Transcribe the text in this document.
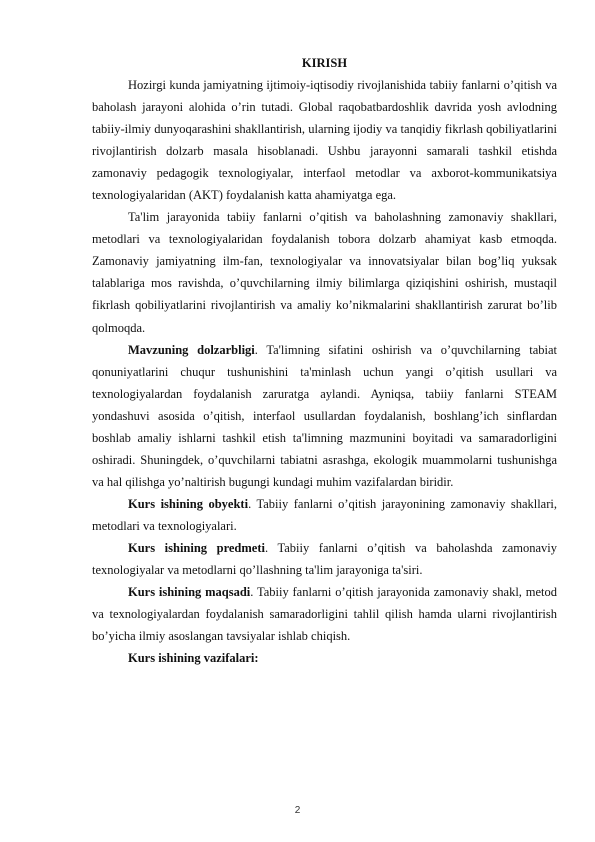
KIRISH

Hozirgi kunda jamiyatning ijtimoiy-iqtisodiy rivojlanishida tabiiy fanlarni o’qitish va baholash jarayoni alohida o’rin tutadi. Global raqobatbardoshlik davrida yosh avlodning tabiiy-ilmiy dunyoqarashini shakllantirish, ularning ijodiy va tanqidiy fikrlash qobiliyatlarini rivojlantirish dolzarb masala hisoblanadi. Ushbu jarayonni samarali tashkil etishda zamonaviy pedagogik texnologiyalar, interfaol metodlar va axborot-kommunikatsiya texnologiyalaridan (AKT) foydalanish katta ahamiyatga ega.

Ta'lim jarayonida tabiiy fanlarni o’qitish va baholashning zamonaviy shakllari, metodlari va texnologiyalaridan foydalanish tobora dolzarb ahamiyat kasb etmoqda. Zamonaviy jamiyatning ilm-fan, texnologiyalar va innovatsiyalar bilan bog’liq yuksak talablariga mos ravishda, o’quvchilarning ilmiy bilimlarga qiziqishini oshirish, mustaqil fikrlash qobiliyatlarini rivojlantirish va amaliy ko’nikmalarini shakllantirish zarurat bo’lib qolmoqda.

Mavzuning dolzarbligi. Ta'limning sifatini oshirish va o’quvchilarning tabiat qonuniyatlarini chuqur tushunishini ta'minlash uchun yangi o’qitish usullari va texnologiyalardan foydalanish zaruratga aylandi. Ayniqsa, tabiiy fanlarni STEAM yondashuvi asosida o’qitish, interfaol usullardan foydalanish, boshlang’ich sinflardan boshlab amaliy ishlarni tashkil etish ta'limning mazmunini boyitadi va samaradorligini oshiradi. Shuningdek, o’quvchilarni tabiatni asrashga, ekologik muammolarni tushunishga va hal qilishga yo’naltirish bugungi kundagi muhim vazifalardan biridir.

Kurs ishining obyekti. Tabiiy fanlarni o’qitish jarayonining zamonaviy shakllari, metodlari va texnologiyalari.

Kurs ishining predmeti. Tabiiy fanlarni o’qitish va baholashda zamonaviy texnologiyalar va metodlarni qo’llashning ta'lim jarayoniga ta'siri.

Kurs ishining maqsadi. Tabiiy fanlarni o’qitish jarayonida zamonaviy shakl, metod va texnologiyalardan foydalanish samaradorligini tahlil qilish hamda ularni rivojlantirish bo’yicha ilmiy asoslangan tavsiyalar ishlab chiqish.

Kurs ishining vazifalari:

2
